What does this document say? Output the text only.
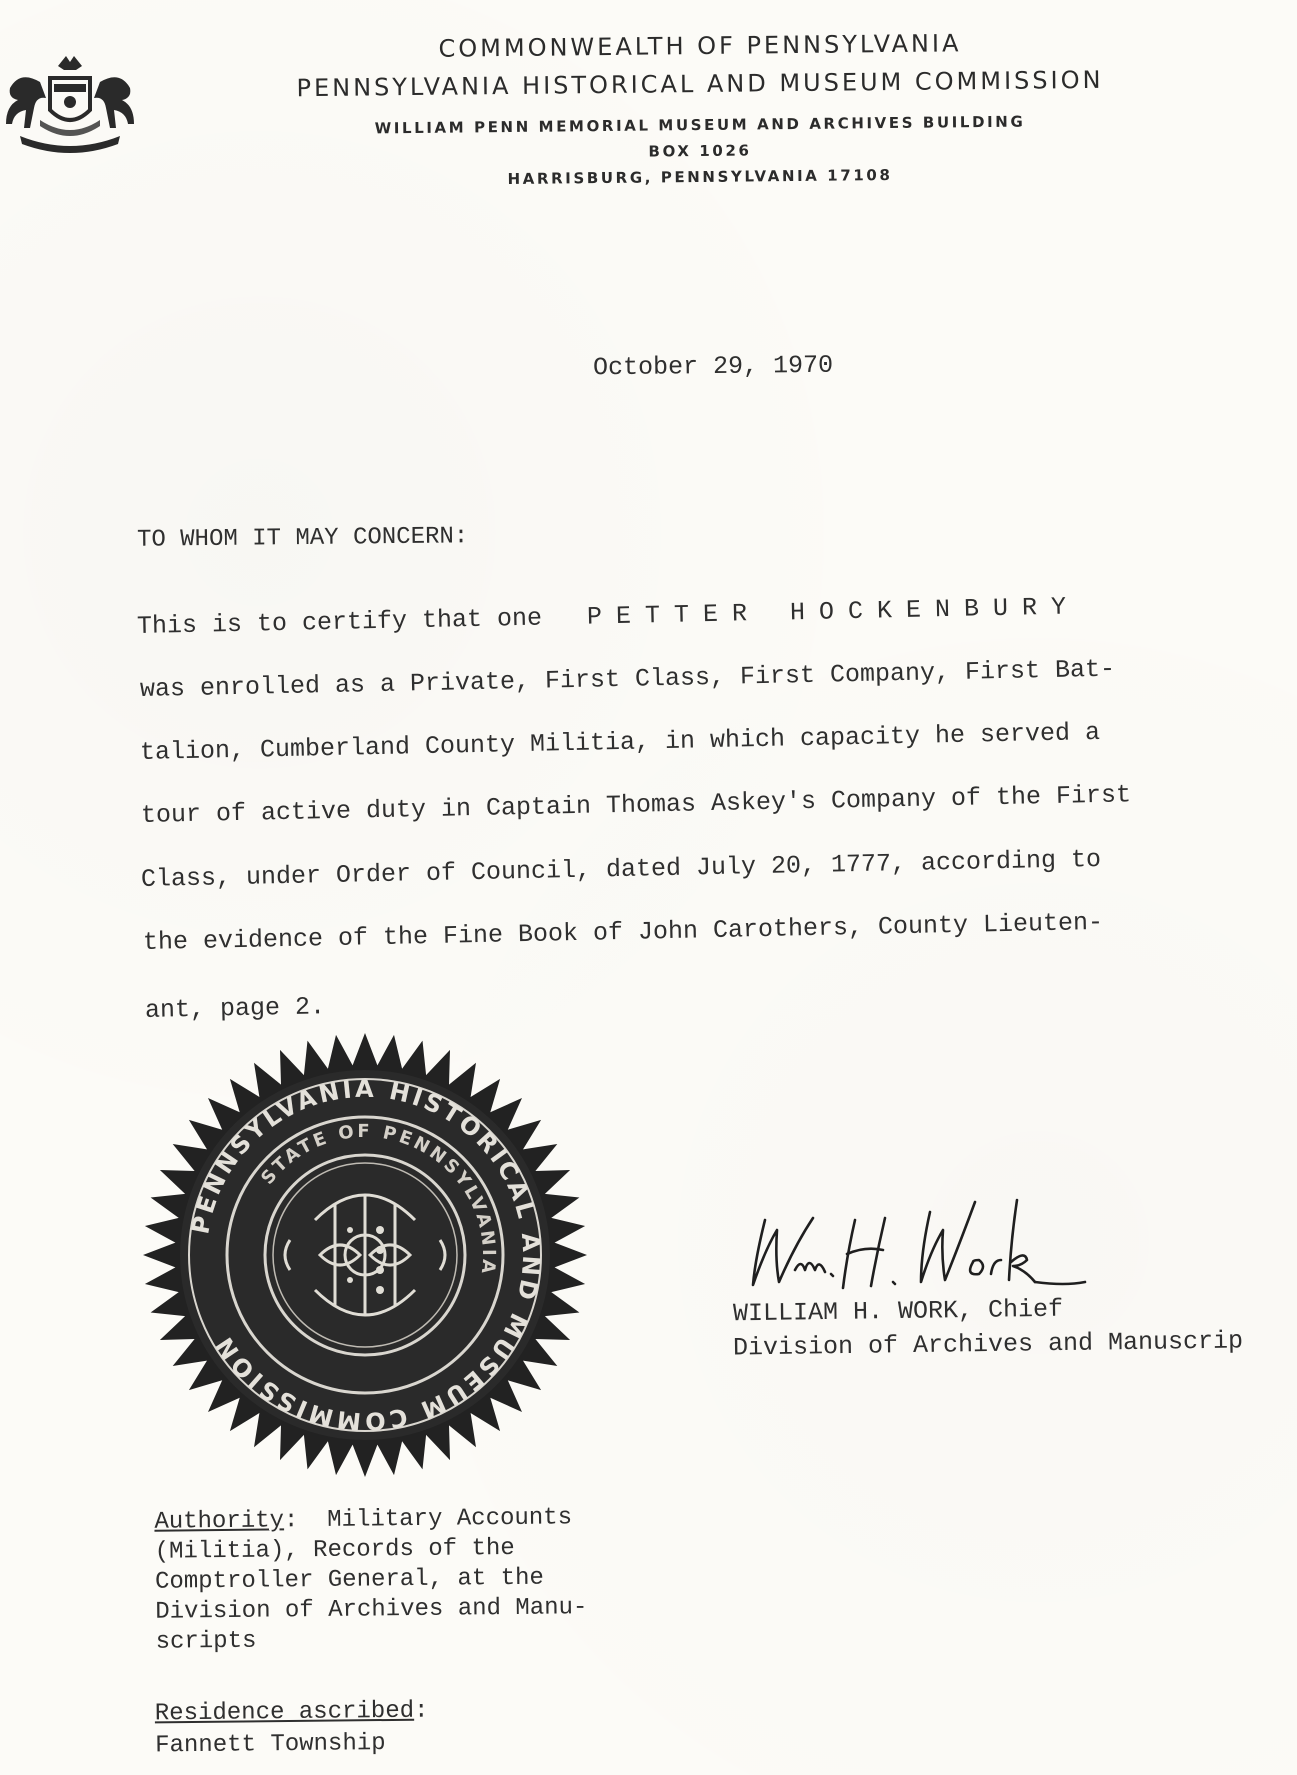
COMMONWEALTH OF PENNSYLVANIA
PENNSYLVANIA HISTORICAL AND MUSEUM COMMISSION
WILLIAM PENN MEMORIAL MUSEUM AND ARCHIVES BUILDING
BOX 1026
HARRISBURG, PENNSYLVANIA 17108
October 29, 1970
TO WHOM IT MAY CONCERN:
This is to certify that one PETTER HOCKENBURY
was enrolled as a Private, First Class, First Company, First Bat-
talion, Cumberland County Militia, in which capacity he served a
tour of active duty in Captain Thomas Askey's Company of the First
Class, under Order of Council, dated July 20, 1777, according to
the evidence of the Fine Book of John Carothers, County Lieuten-
ant, page 2.
PENNSYLVANIA HISTORICAL AND MUSEUM COMMISSION
STATE OF PENNSYLVANIA
WILLIAM H. WORK, Chief
Division of Archives and Manuscrip
Authority: Military Accounts
(Militia), Records of the
Comptroller General, at the
Division of Archives and Manu-
scripts
Residence ascribed:
Fannett Township
